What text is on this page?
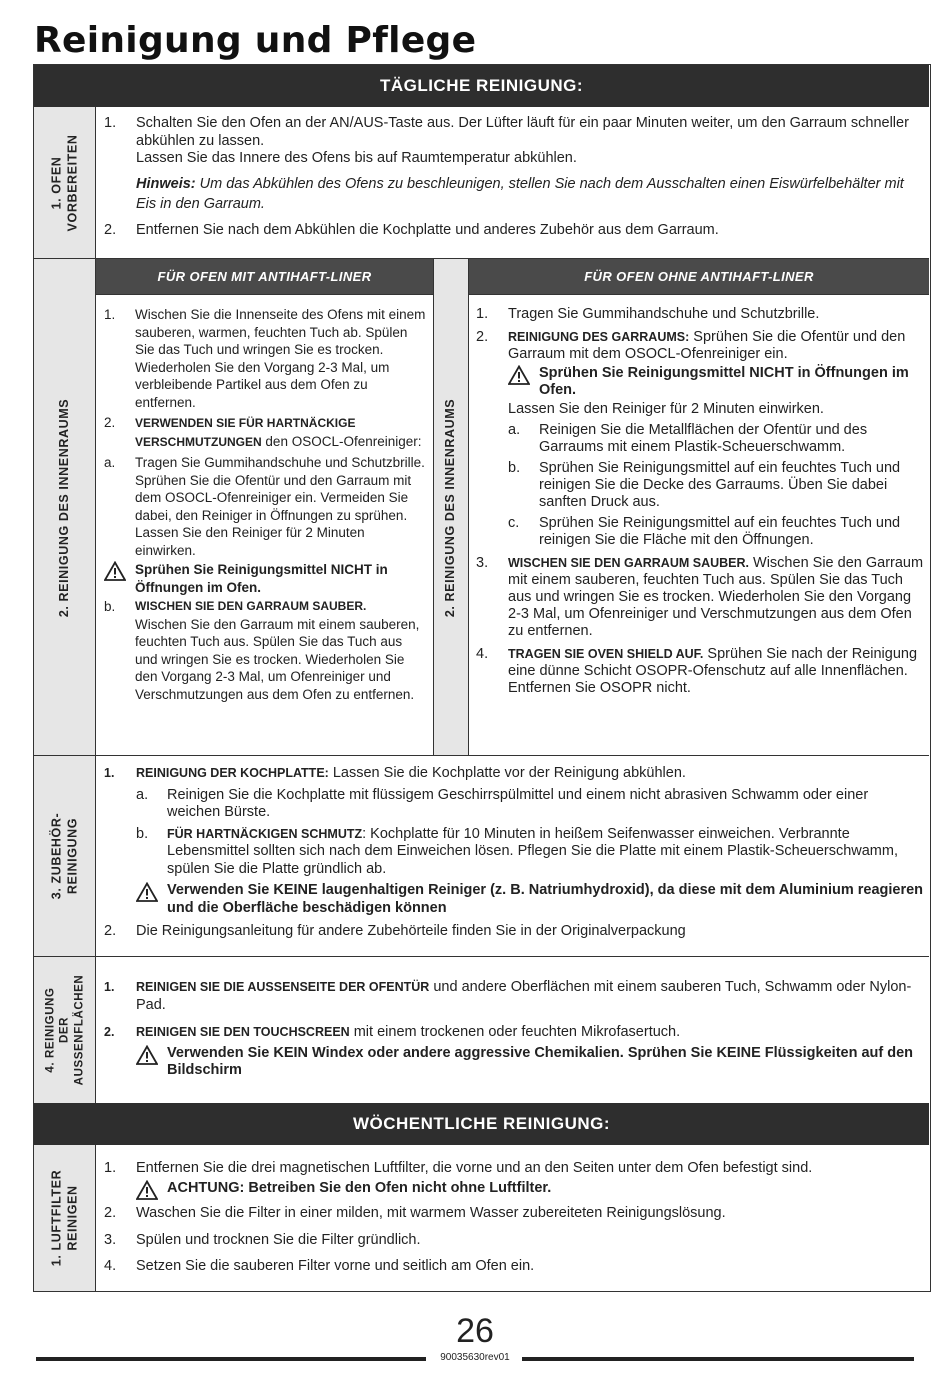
Reinigung und Pflege
TÄGLICHE REINIGUNG:
1. OFEN
VORBEREITEN
1. Schalten Sie den Ofen an der AN/AUS-Taste aus. Der Lüfter läuft für ein paar Minuten weiter, um den Garraum schneller abkühlen zu lassen.
Lassen Sie das Innere des Ofens bis auf Raumtemperatur abkühlen.
Hinweis: Um das Abkühlen des Ofens zu beschleunigen, stellen Sie nach dem Ausschalten einen Eiswürfelbehälter mit Eis in den Garraum.
2. Entfernen Sie nach dem Abkühlen die Kochplatte und anderes Zubehör aus dem Garraum.
2. REINIGUNG DES INNENRAUMS
FÜR OFEN MIT ANTIHAFT-LINER
2. REINIGUNG DES INNENRAUMS
FÜR OFEN OHNE ANTIHAFT-LINER
1. Wischen Sie die Innenseite des Ofens mit einem sauberen, warmen, feuchten Tuch ab. Spülen Sie das Tuch und wringen Sie es trocken. Wiederholen Sie den Vorgang 2-3 Mal, um verbleibende Partikel aus dem Ofen zu entfernen.
2. VERWENDEN SIE FÜR HARTNÄCKIGE VERSCHMUTZUNGEN den OSOCL-Ofenreiniger:
a. Tragen Sie Gummihandschuhe und Schutzbrille. Sprühen Sie die Ofentür und den Garraum mit dem OSOCL-Ofenreiniger ein. Vermeiden Sie dabei, den Reiniger in Öffnungen zu sprühen. Lassen Sie den Reiniger für 2 Minuten einwirken.
Sprühen Sie Reinigungsmittel NICHT in Öffnungen im Ofen.
b. WISCHEN SIE DEN GARRAUM SAUBER.
Wischen Sie den Garraum mit einem sauberen, feuchten Tuch aus. Spülen Sie das Tuch aus und wringen Sie es trocken. Wiederholen Sie den Vorgang 2-3 Mal, um Ofenreiniger und Verschmutzungen aus dem Ofen zu entfernen.
1. Tragen Sie Gummihandschuhe und Schutzbrille.
2. REINIGUNG DES GARRAUMS: Sprühen Sie die Ofentür und den Garraum mit dem OSOCL-Ofenreiniger ein.
Sprühen Sie Reinigungsmittel NICHT in Öffnungen im Ofen.
Lassen Sie den Reiniger für 2 Minuten einwirken.
a. Reinigen Sie die Metallflächen der Ofentür und des Garraums mit einem Plastik-Scheuerschwamm.
b. Sprühen Sie Reinigungsmittel auf ein feuchtes Tuch und reinigen Sie die Decke des Garraums. Üben Sie dabei sanften Druck aus.
c. Sprühen Sie Reinigungsmittel auf ein feuchtes Tuch und reinigen Sie die Fläche mit den Öffnungen.
3. WISCHEN SIE DEN GARRAUM SAUBER. Wischen Sie den Garraum mit einem sauberen, feuchten Tuch aus. Spülen Sie das Tuch aus und wringen Sie es trocken. Wiederholen Sie den Vorgang 2-3 Mal, um Ofenreiniger und Verschmutzungen aus dem Ofen zu entfernen.
4. TRAGEN SIE OVEN SHIELD AUF. Sprühen Sie nach der Reinigung eine dünne Schicht OSOPR-Ofenschutz auf alle Innenflächen.
Entfernen Sie OSOPR nicht.
3. ZUBEHÖR-
REINIGUNG
1. REINIGUNG DER KOCHPLATTE: Lassen Sie die Kochplatte vor der Reinigung abkühlen.
a. Reinigen Sie die Kochplatte mit flüssigem Geschirrspülmittel und einem nicht abrasiven Schwamm oder einer weichen Bürste.
b. FÜR HARTNÄCKIGEN SCHMUTZ: Kochplatte für 10 Minuten in heißem Seifenwasser einweichen. Verbrannte Lebensmittel sollten sich nach dem Einweichen lösen. Pflegen Sie die Platte mit einem Plastik-Scheuerschwamm, spülen Sie die Platte gründlich ab.
Verwenden Sie KEINE laugenhaltigen Reiniger (z. B. Natriumhydroxid), da diese mit dem Aluminium reagieren und die Oberfläche beschädigen können
2. Die Reinigungsanleitung für andere Zubehörteile finden Sie in der Originalverpackung
4. REINIGUNG
DER
AUSSENFLÄCHEN 1. REINIGEN SIE DIE AUSSENSEITE DER OFENTÜR und andere Oberflächen mit einem sauberen Tuch, Schwamm oder Nylon-Pad.
2. REINIGEN SIE DEN TOUCHSCREEN mit einem trockenen oder feuchten Mikrofasertuch.
Verwenden Sie KEIN Windex oder andere aggressive Chemikalien. Sprühen Sie KEINE Flüssigkeiten auf den Bildschirm
WÖCHENTLICHE REINIGUNG:
1. LUFTFILTER
REINIGEN
1. Entfernen Sie die drei magnetischen Luftfilter, die vorne und an den Seiten unter dem Ofen befestigt sind.
ACHTUNG: Betreiben Sie den Ofen nicht ohne Luftfilter.
2. Waschen Sie die Filter in einer milden, mit warmem Wasser zubereiteten Reinigungslösung.
3. Spülen und trocknen Sie die Filter gründlich.
4. Setzen Sie die sauberen Filter vorne und seitlich am Ofen ein.
26
90035630rev01
